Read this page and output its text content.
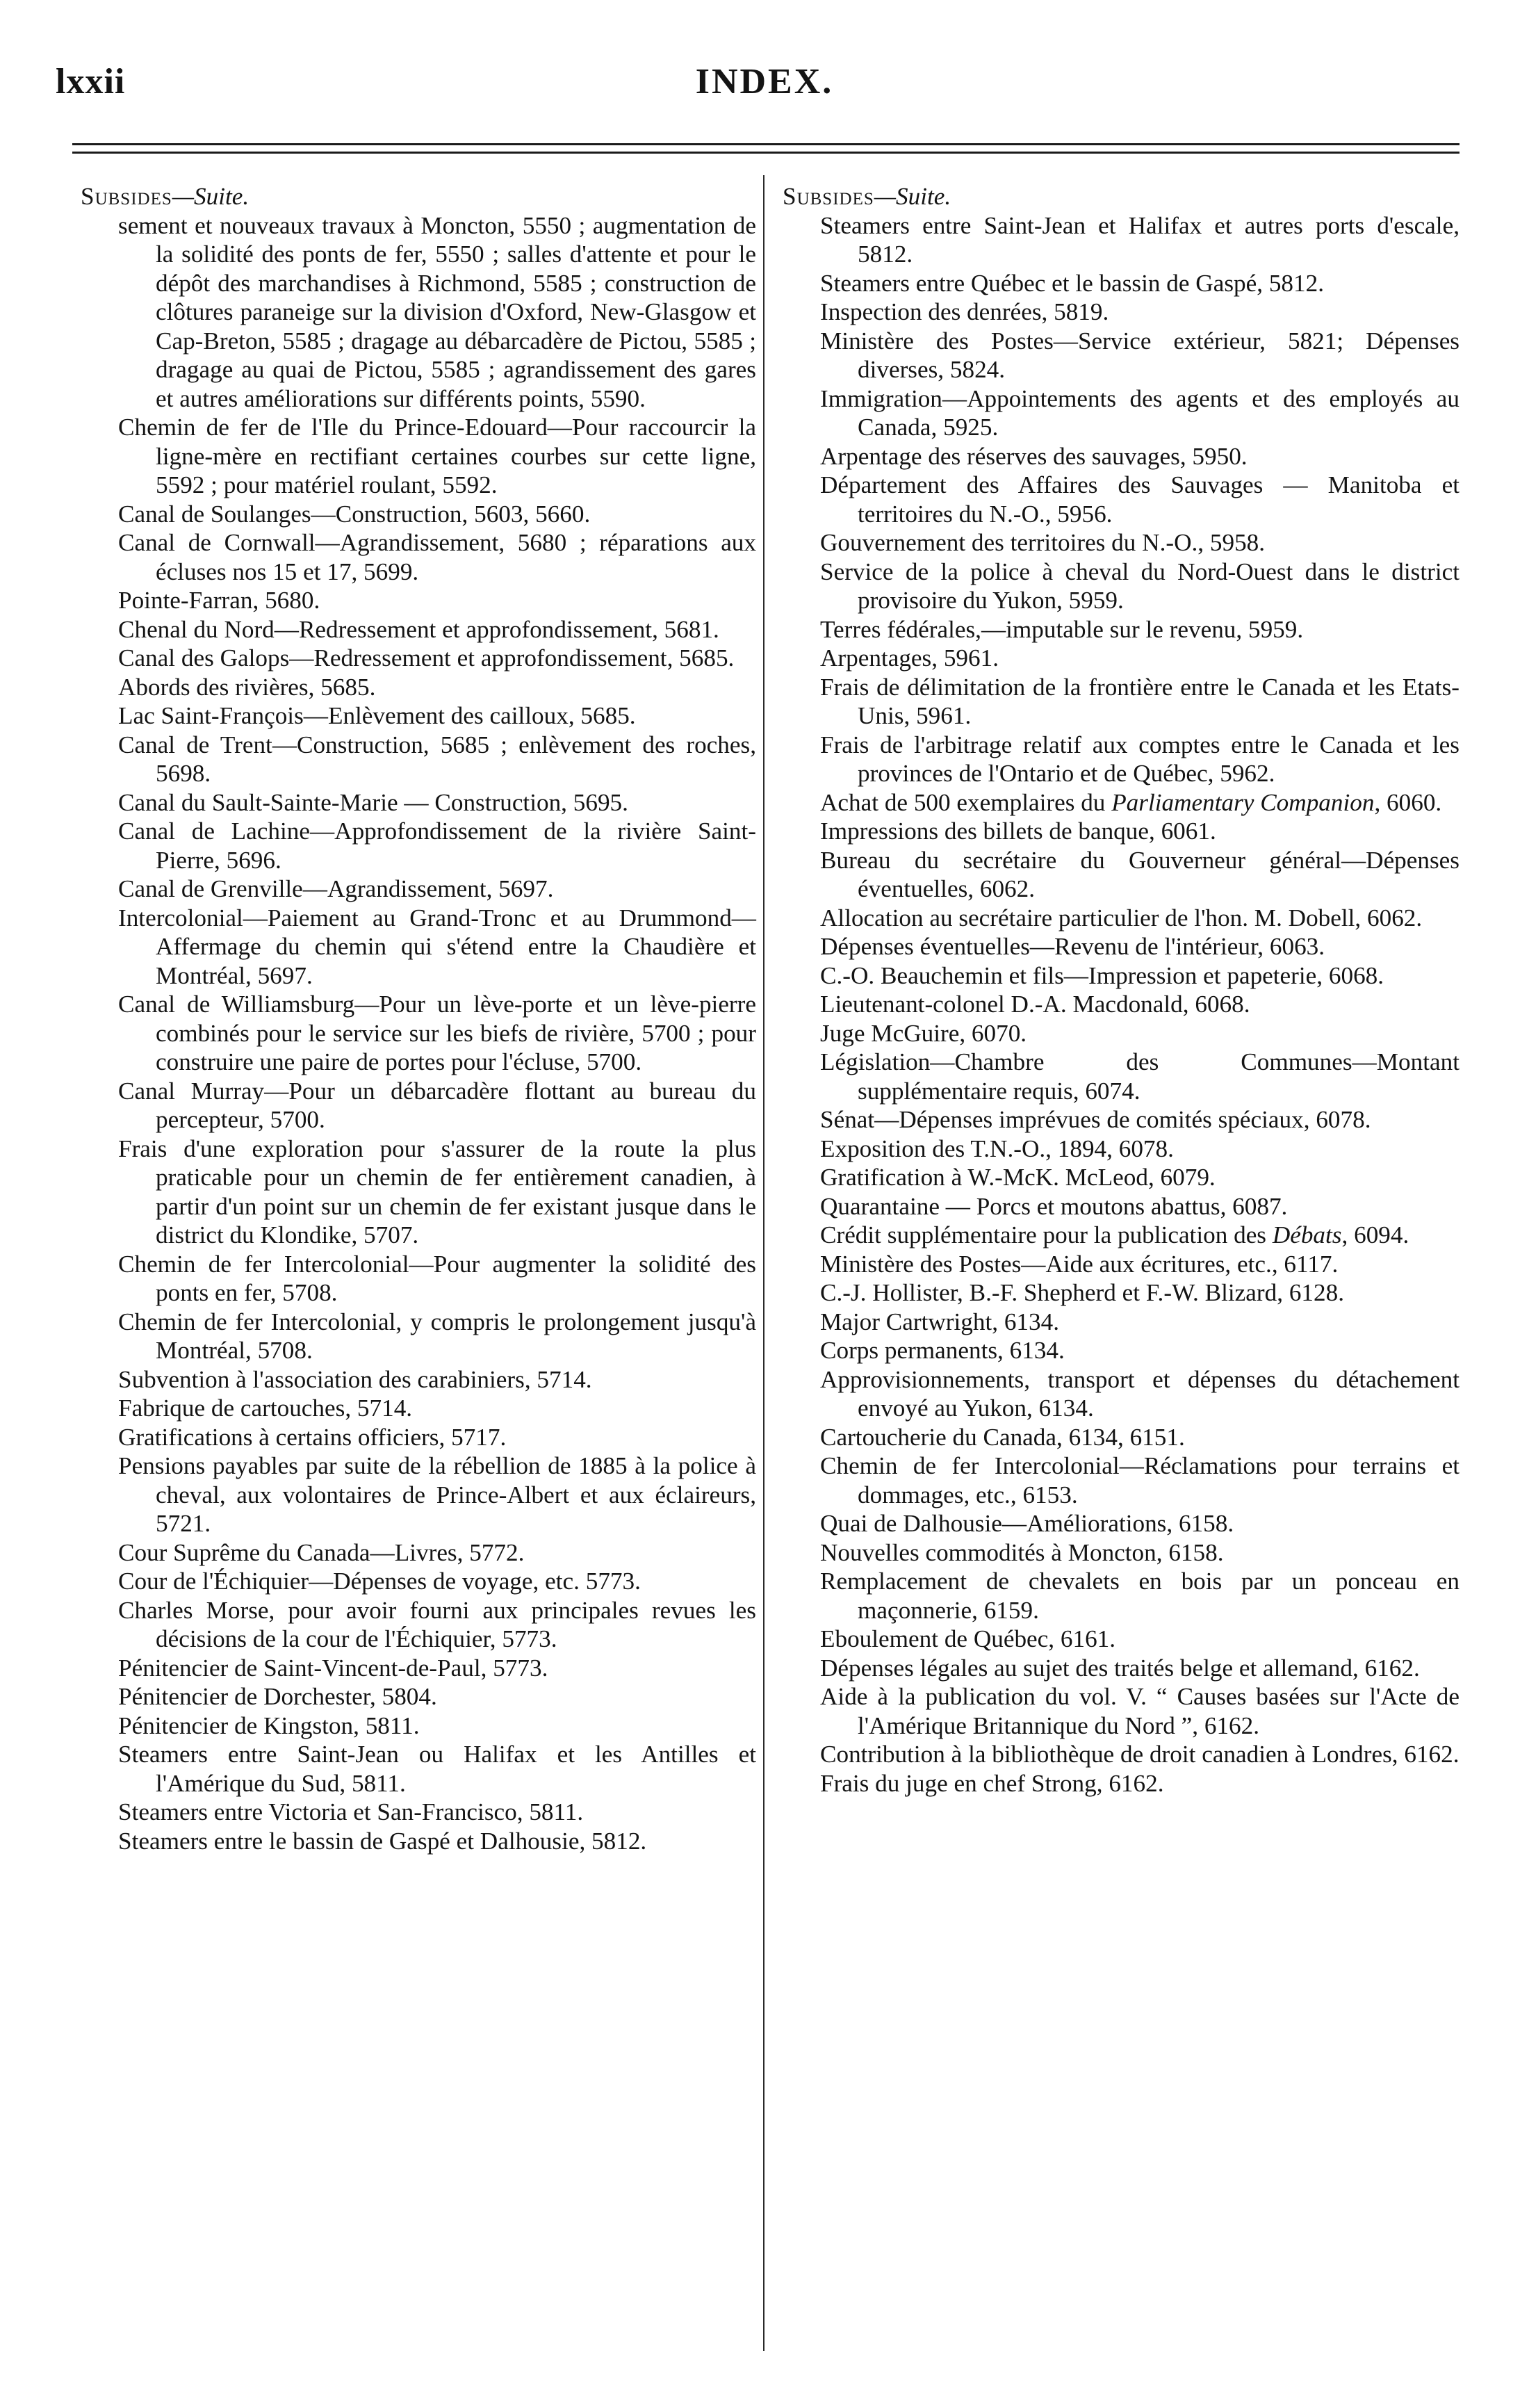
lxxii	INDEX.

Subsides—Suite.

sement et nouveaux travaux à Moncton, 5550 ; augmentation de la solidité des ponts de fer, 5550 ; salles d'attente et pour le dépôt des marchandises à Richmond, 5585 ; construction de clôtures paraneige sur la division d'Oxford, New-Glasgow et Cap-Breton, 5585 ; dragage au débarcadère de Pictou, 5585 ; dragage au quai de Pictou, 5585 ; agrandissement des gares et autres améliorations sur différents points, 5590.

Chemin de fer de l'Ile du Prince-Edouard—Pour raccourcir la ligne-mère en rectifiant certaines courbes sur cette ligne, 5592 ; pour matériel roulant, 5592.

Canal de Soulanges—Construction, 5603, 5660.

Canal de Cornwall—Agrandissement, 5680 ; réparations aux écluses nos 15 et 17, 5699.

Pointe-Farran, 5680.

Chenal du Nord—Redressement et approfondissement, 5681.

Canal des Galops—Redressement et approfondissement, 5685.

Abords des rivières, 5685.

Lac Saint-François—Enlèvement des cailloux, 5685.

Canal de Trent—Construction, 5685 ; enlèvement des roches, 5698.

Canal du Sault-Sainte-Marie — Construction, 5695.

Canal de Lachine—Approfondissement de la rivière Saint-Pierre, 5696.

Canal de Grenville—Agrandissement, 5697.

Intercolonial—Paiement au Grand-Tronc et au Drummond—Affermage du chemin qui s'étend entre la Chaudière et Montréal, 5697.

Canal de Williamsburg—Pour un lève-porte et un lève-pierre combinés pour le service sur les biefs de rivière, 5700 ; pour construire une paire de portes pour l'écluse, 5700.

Canal Murray—Pour un débarcadère flottant au bureau du percepteur, 5700.

Frais d'une exploration pour s'assurer de la route la plus praticable pour un chemin de fer entièrement canadien, à partir d'un point sur un chemin de fer existant jusque dans le district du Klondike, 5707.

Chemin de fer Intercolonial—Pour augmenter la solidité des ponts en fer, 5708.

Chemin de fer Intercolonial, y compris le prolongement jusqu'à Montréal, 5708.

Subvention à l'association des carabiniers, 5714.

Fabrique de cartouches, 5714.

Gratifications à certains officiers, 5717.

Pensions payables par suite de la rébellion de 1885 à la police à cheval, aux volontaires de Prince-Albert et aux éclaireurs, 5721.

Cour Suprême du Canada—Livres, 5772.

Cour de l'Échiquier—Dépenses de voyage, etc. 5773.

Charles Morse, pour avoir fourni aux principales revues les décisions de la cour de l'Échiquier, 5773.

Pénitencier de Saint-Vincent-de-Paul, 5773.

Pénitencier de Dorchester, 5804.

Pénitencier de Kingston, 5811.

Steamers entre Saint-Jean ou Halifax et les Antilles et l'Amérique du Sud, 5811.

Steamers entre Victoria et San-Francisco, 5811.

Steamers entre le bassin de Gaspé et Dalhousie, 5812.

Subsides—Suite.

Steamers entre Saint-Jean et Halifax et autres ports d'escale, 5812.

Steamers entre Québec et le bassin de Gaspé, 5812.

Inspection des denrées, 5819.

Ministère des Postes—Service extérieur, 5821; Dépenses diverses, 5824.

Immigration—Appointements des agents et des employés au Canada, 5925.

Arpentage des réserves des sauvages, 5950.

Département des Affaires des Sauvages — Manitoba et territoires du N.-O., 5956.

Gouvernement des territoires du N.-O., 5958.

Service de la police à cheval du Nord-Ouest dans le district provisoire du Yukon, 5959.

Terres fédérales,—imputable sur le revenu, 5959.

Arpentages, 5961.

Frais de délimitation de la frontière entre le Canada et les Etats-Unis, 5961.

Frais de l'arbitrage relatif aux comptes entre le Canada et les provinces de l'Ontario et de Québec, 5962.

Achat de 500 exemplaires du Parliamentary Companion, 6060.

Impressions des billets de banque, 6061.

Bureau du secrétaire du Gouverneur général—Dépenses éventuelles, 6062.

Allocation au secrétaire particulier de l'hon. M. Dobell, 6062.

Dépenses éventuelles—Revenu de l'intérieur, 6063.

C.-O. Beauchemin et fils—Impression et papeterie, 6068.

Lieutenant-colonel D.-A. Macdonald, 6068.

Juge McGuire, 6070.

Législation—Chambre des Communes—Montant supplémentaire requis, 6074.

Sénat—Dépenses imprévues de comités spéciaux, 6078.

Exposition des T.N.-O., 1894, 6078.

Gratification à W.-McK. McLeod, 6079.

Quarantaine — Porcs et moutons abattus, 6087.

Crédit supplémentaire pour la publication des Débats, 6094.

Ministère des Postes—Aide aux écritures, etc., 6117.

C.-J. Hollister, B.-F. Shepherd et F.-W. Blizard, 6128.

Major Cartwright, 6134.

Corps permanents, 6134.

Approvisionnements, transport et dépenses du détachement envoyé au Yukon, 6134.

Cartoucherie du Canada, 6134, 6151.

Chemin de fer Intercolonial—Réclamations pour terrains et dommages, etc., 6153.

Quai de Dalhousie—Améliorations, 6158.

Nouvelles commodités à Moncton, 6158.

Remplacement de chevalets en bois par un ponceau en maçonnerie, 6159.

Eboulement de Québec, 6161.

Dépenses légales au sujet des traités belge et allemand, 6162.

Aide à la publication du vol. V. “ Causes basées sur l'Acte de l'Amérique Britannique du Nord ”, 6162.

Contribution à la bibliothèque de droit canadien à Londres, 6162.

Frais du juge en chef Strong, 6162.
